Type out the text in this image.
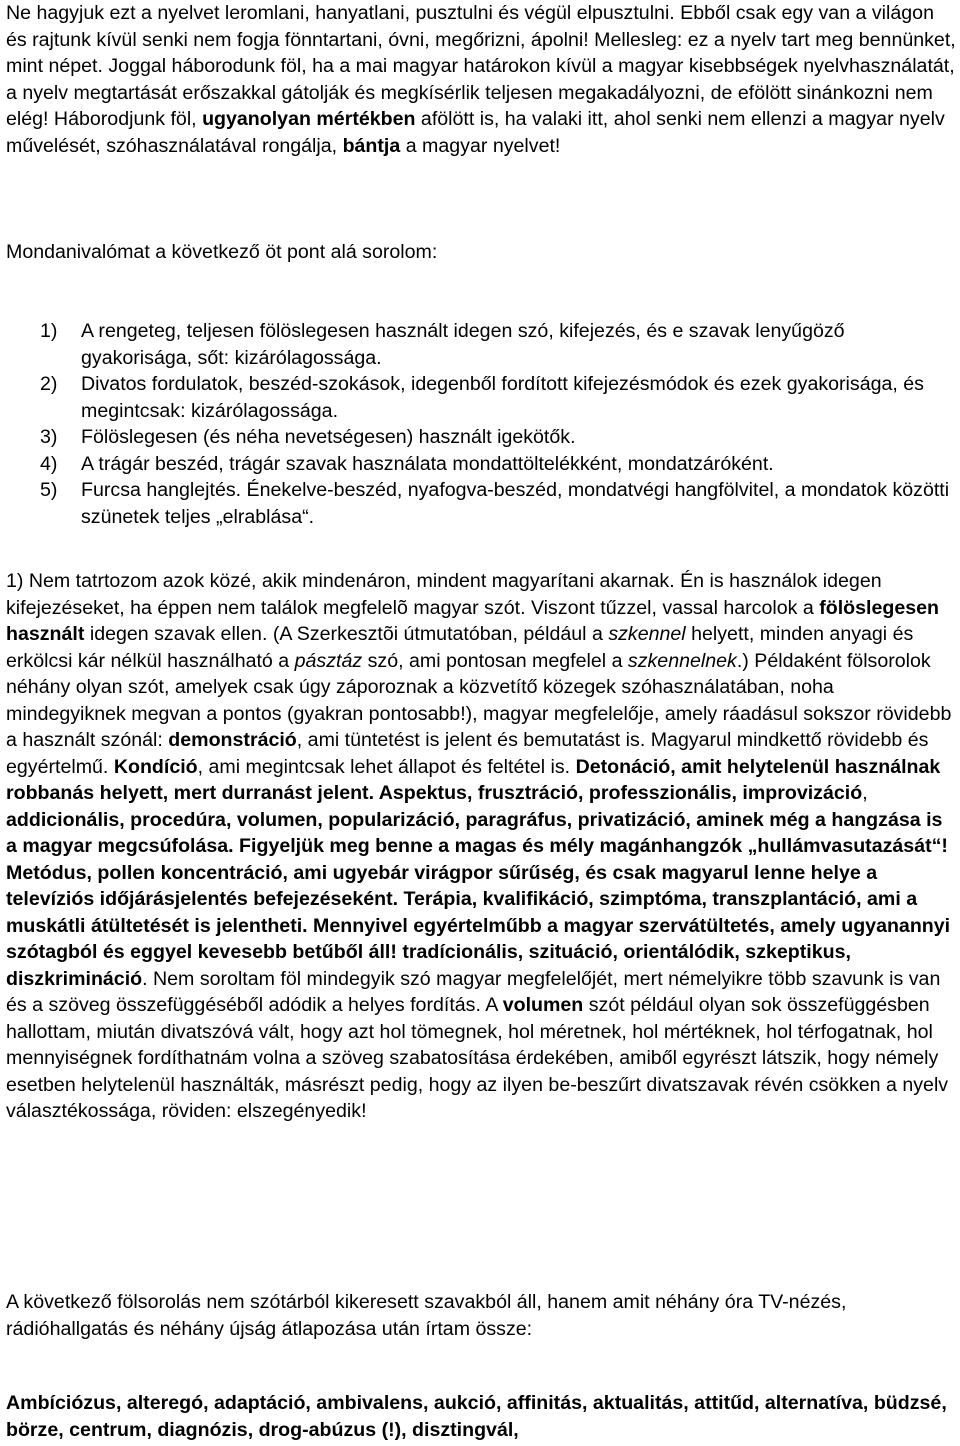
Ne hagyjuk ezt a nyelvet leromlani, hanyatlani, pusztulni és végül elpusztulni. Ebből csak egy van a világon és rajtunk kívül senki nem fogja fönntartani, óvni, megőrizni, ápolni! Mellesleg: ez a nyelv tart meg bennünket, mint népet. Joggal háborodunk föl, ha a mai magyar határokon kívül a magyar kisebbségek nyelvhasználatát, a nyelv megtartását erőszakkal gátolják és megkísérlik teljesen megakadályozni, de efölött sinánkozni nem elég! Háborodjunk föl, ugyanolyan mértékben afölött is, ha valaki itt, ahol senki nem ellenzi a magyar nyelv művelését, szóhasználatával rongálja, bántja a magyar nyelvet!

Mondanivalómat a következő öt pont alá sorolom:

1) A rengeteg, teljesen fölöslegesen használt idegen szó, kifejezés, és e szavak lenyűgöző gyakorisága, sőt: kizárólagossága.
2) Divatos fordulatok, beszéd-szokások, idegenből fordított kifejezésmódok és ezek gyakorisága, és megintcsak: kizárólagossága.
3) Fölöslegesen (és néha nevetségesen) használt igekötők.
4) A trágár beszéd, trágár szavak használata mondattöltelékként, mondatzáróként.
5) Furcsa hanglejtés. Énekelve-beszéd, nyafogva-beszéd, mondatvégi hangfölvitel, a mondatok közötti szünetek teljes „elrablása“.

1) Nem tatrtozom azok közé, akik mindenáron, mindent magyarítani akarnak. Én is használok idegen kifejezéseket, ha éppen nem találok megfelelõ magyar szót. Viszont tűzzel, vassal harcolok a fölöslegesen használt idegen szavak ellen. (A Szerkesztõi útmutatóban, például a szkennel helyett, minden anyagi és erkölcsi kár nélkül használható a pásztáz szó, ami pontosan megfelel a szkennelnek.) Példaként fölsorolok néhány olyan szót, amelyek csak úgy záporoznak a közvetítő közegek szóhasználatában, noha mindegyiknek megvan a pontos (gyakran pontosabb!), magyar megfelelője, amely ráadásul sokszor rövidebb a használt szónál: demonstráció, ami tüntetést is jelent és bemutatást is. Magyarul mindkettő rövidebb és egyértelmű. Kondíció, ami megintcsak lehet állapot és feltétel is. Detonáció, amit helytelenül használnak robbanás helyett, mert durranást jelent. Aspektus, frusztráció, professzionális, improvizáció, addicionális, procedúra, volumen, popularizáció, paragráfus, privatizáció, aminek még a hangzása is a magyar megcsúfolása. Figyeljük meg benne a magas és mély magánhangzók „hullámvasutazását“! Metódus, pollen koncentráció, ami ugyebár virágpor sűrűség, és csak magyarul lenne helye a televíziós időjárásjelentés befejezéseként. Terápia, kvalifikáció, szimptóma, transzplantáció, ami a muskátli átültetését is jelentheti. Mennyivel egyértelműbb a magyar szervátültetés, amely ugyanannyi szótagból és eggyel kevesebb betűből áll! tradícionális, szituáció, orientálódik, szkeptikus, diszkrimináció. Nem soroltam föl mindegyik szó magyar megfelelőjét, mert némelyikre több szavunk is van és a szöveg összefüggéséből adódik a helyes fordítás. A volumen szót például olyan sok összefüggésben hallottam, miután divatszóvá vált, hogy azt hol tömegnek, hol méretnek, hol mértéknek, hol térfogatnak, hol mennyiségnek fordíthatnám volna a szöveg szabatosítása érdekében, amiből egyrészt látszik, hogy némely esetben helytelenül használták, másrészt pedig, hogy az ilyen be-beszűrt divatszavak révén csökken a nyelv választékossága, röviden: elszegényedik!

A következő fölsorolás nem szótárból kikeresett szavakból áll, hanem amit néhány óra TV-nézés, rádióhallgatás és néhány újság átlapozása után írtam össze:

Ambíciózus, alteregó, adaptáció, ambivalens, aukció, affinitás, aktualitás, attitűd, alternatíva, büdzsé, börze, centrum, diagnózis, drog-abúzus (!), disztingvál,
